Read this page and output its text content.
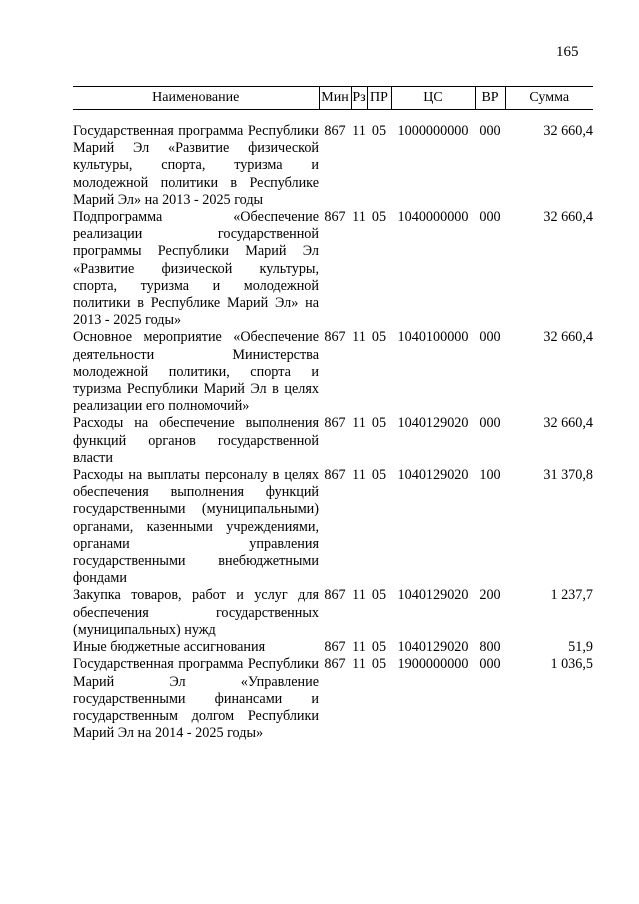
165
Наименование	Мин	Рз	ПР	ЦС	ВР	Сумма

Государственная программа Республики Марий Эл «Развитие физической культуры, спорта, туризма и молодежной политики в Республике Марий Эл» на 2013 - 2025 годы	867	11	05	1000000000	000	32 660,4
Подпрограмма «Обеспечение реализации государственной программы Республики Марий Эл «Развитие физической культуры, спорта, туризма и молодежной политики в Республике Марий Эл» на 2013 - 2025 годы»	867	11	05	1040000000	000	32 660,4
Основное мероприятие «Обеспечение деятельности Министерства молодежной политики, спорта и туризма Республики Марий Эл в целях реализации его полномочий»	867	11	05	1040100000	000	32 660,4
Расходы на обеспечение выполнения функций органов государственной власти	867	11	05	1040129020	000	32 660,4
Расходы на выплаты персоналу в целях обеспечения выполнения функций государственными (муниципальными) органами, казенными учреждениями, органами управления государственными внебюджетными фондами	867	11	05	1040129020	100	31 370,8
Закупка товаров, работ и услуг для обеспечения государственных (муниципальных) нужд	867	11	05	1040129020	200	1 237,7
Иные бюджетные ассигнования	867	11	05	1040129020	800	51,9
Государственная программа Республики Марий Эл «Управление государственными финансами и государственным долгом Республики Марий Эл на 2014 - 2025 годы»	867	11	05	1900000000	000	1 036,5
